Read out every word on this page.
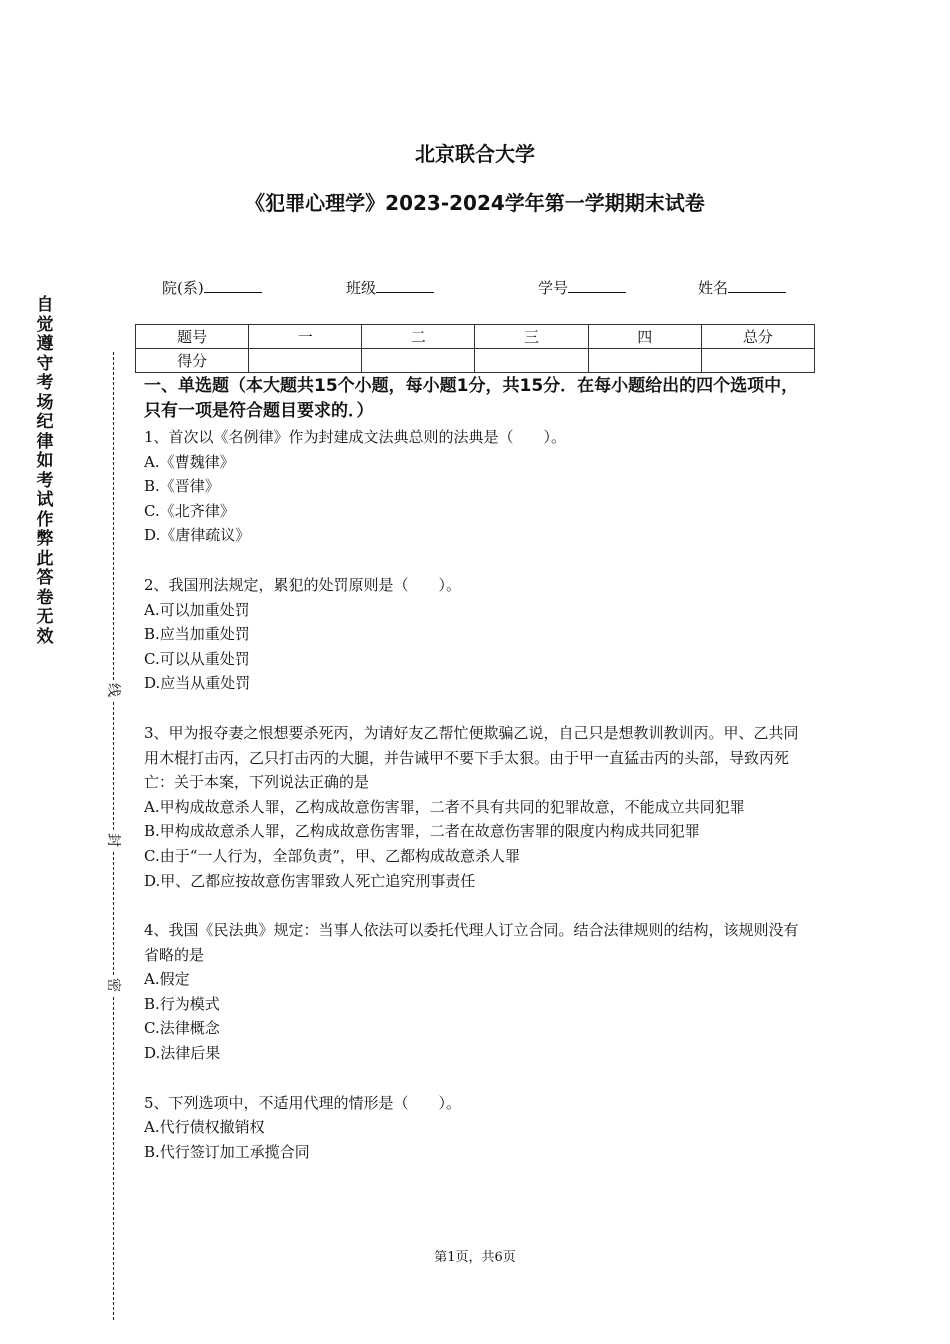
自觉遵守考场纪律如考试作弊此答卷无效
线
封
密
北京联合大学
《犯罪心理学》2023-2024学年第一学期期末试卷
院(系)	班级	学号	姓名
题号	一	二	三	四	总分
得分					
一、单选题（本大题共15个小题，每小题1分，共15分．在每小题给出的四个选项中，只有一项是符合题目要求的．）

1、首次以《名例律》作为封建成文法典总则的法典是（　　）。

A.《曹魏律》

B.《晋律》

C.《北齐律》

D.《唐律疏议》

2、我国刑法规定，累犯的处罚原则是（　　）。

A.可以加重处罚

B.应当加重处罚

C.可以从重处罚

D.应当从重处罚

3、甲为报夺妻之恨想要杀死丙，为请好友乙帮忙便欺骗乙说，自己只是想教训教训丙。甲、乙共同用木棍打击丙，乙只打击丙的大腿，并告诫甲不要下手太狠。由于甲一直猛击丙的头部，导致丙死亡：关于本案，下列说法正确的是

A.甲构成故意杀人罪，乙构成故意伤害罪，二者不具有共同的犯罪故意，不能成立共同犯罪

B.甲构成故意杀人罪，乙构成故意伤害罪，二者在故意伤害罪的限度内构成共同犯罪

C.由于“一人行为，全部负责”，甲、乙都构成故意杀人罪

D.甲、乙都应按故意伤害罪致人死亡追究刑事责任

4、我国《民法典》规定：当事人依法可以委托代理人订立合同。结合法律规则的结构，该规则没有省略的是

A.假定

B.行为模式

C.法律概念

D.法律后果

5、下列选项中，不适用代理的情形是（　　）。

A.代行债权撤销权

B.代行签订加工承揽合同

第1页，共6页
